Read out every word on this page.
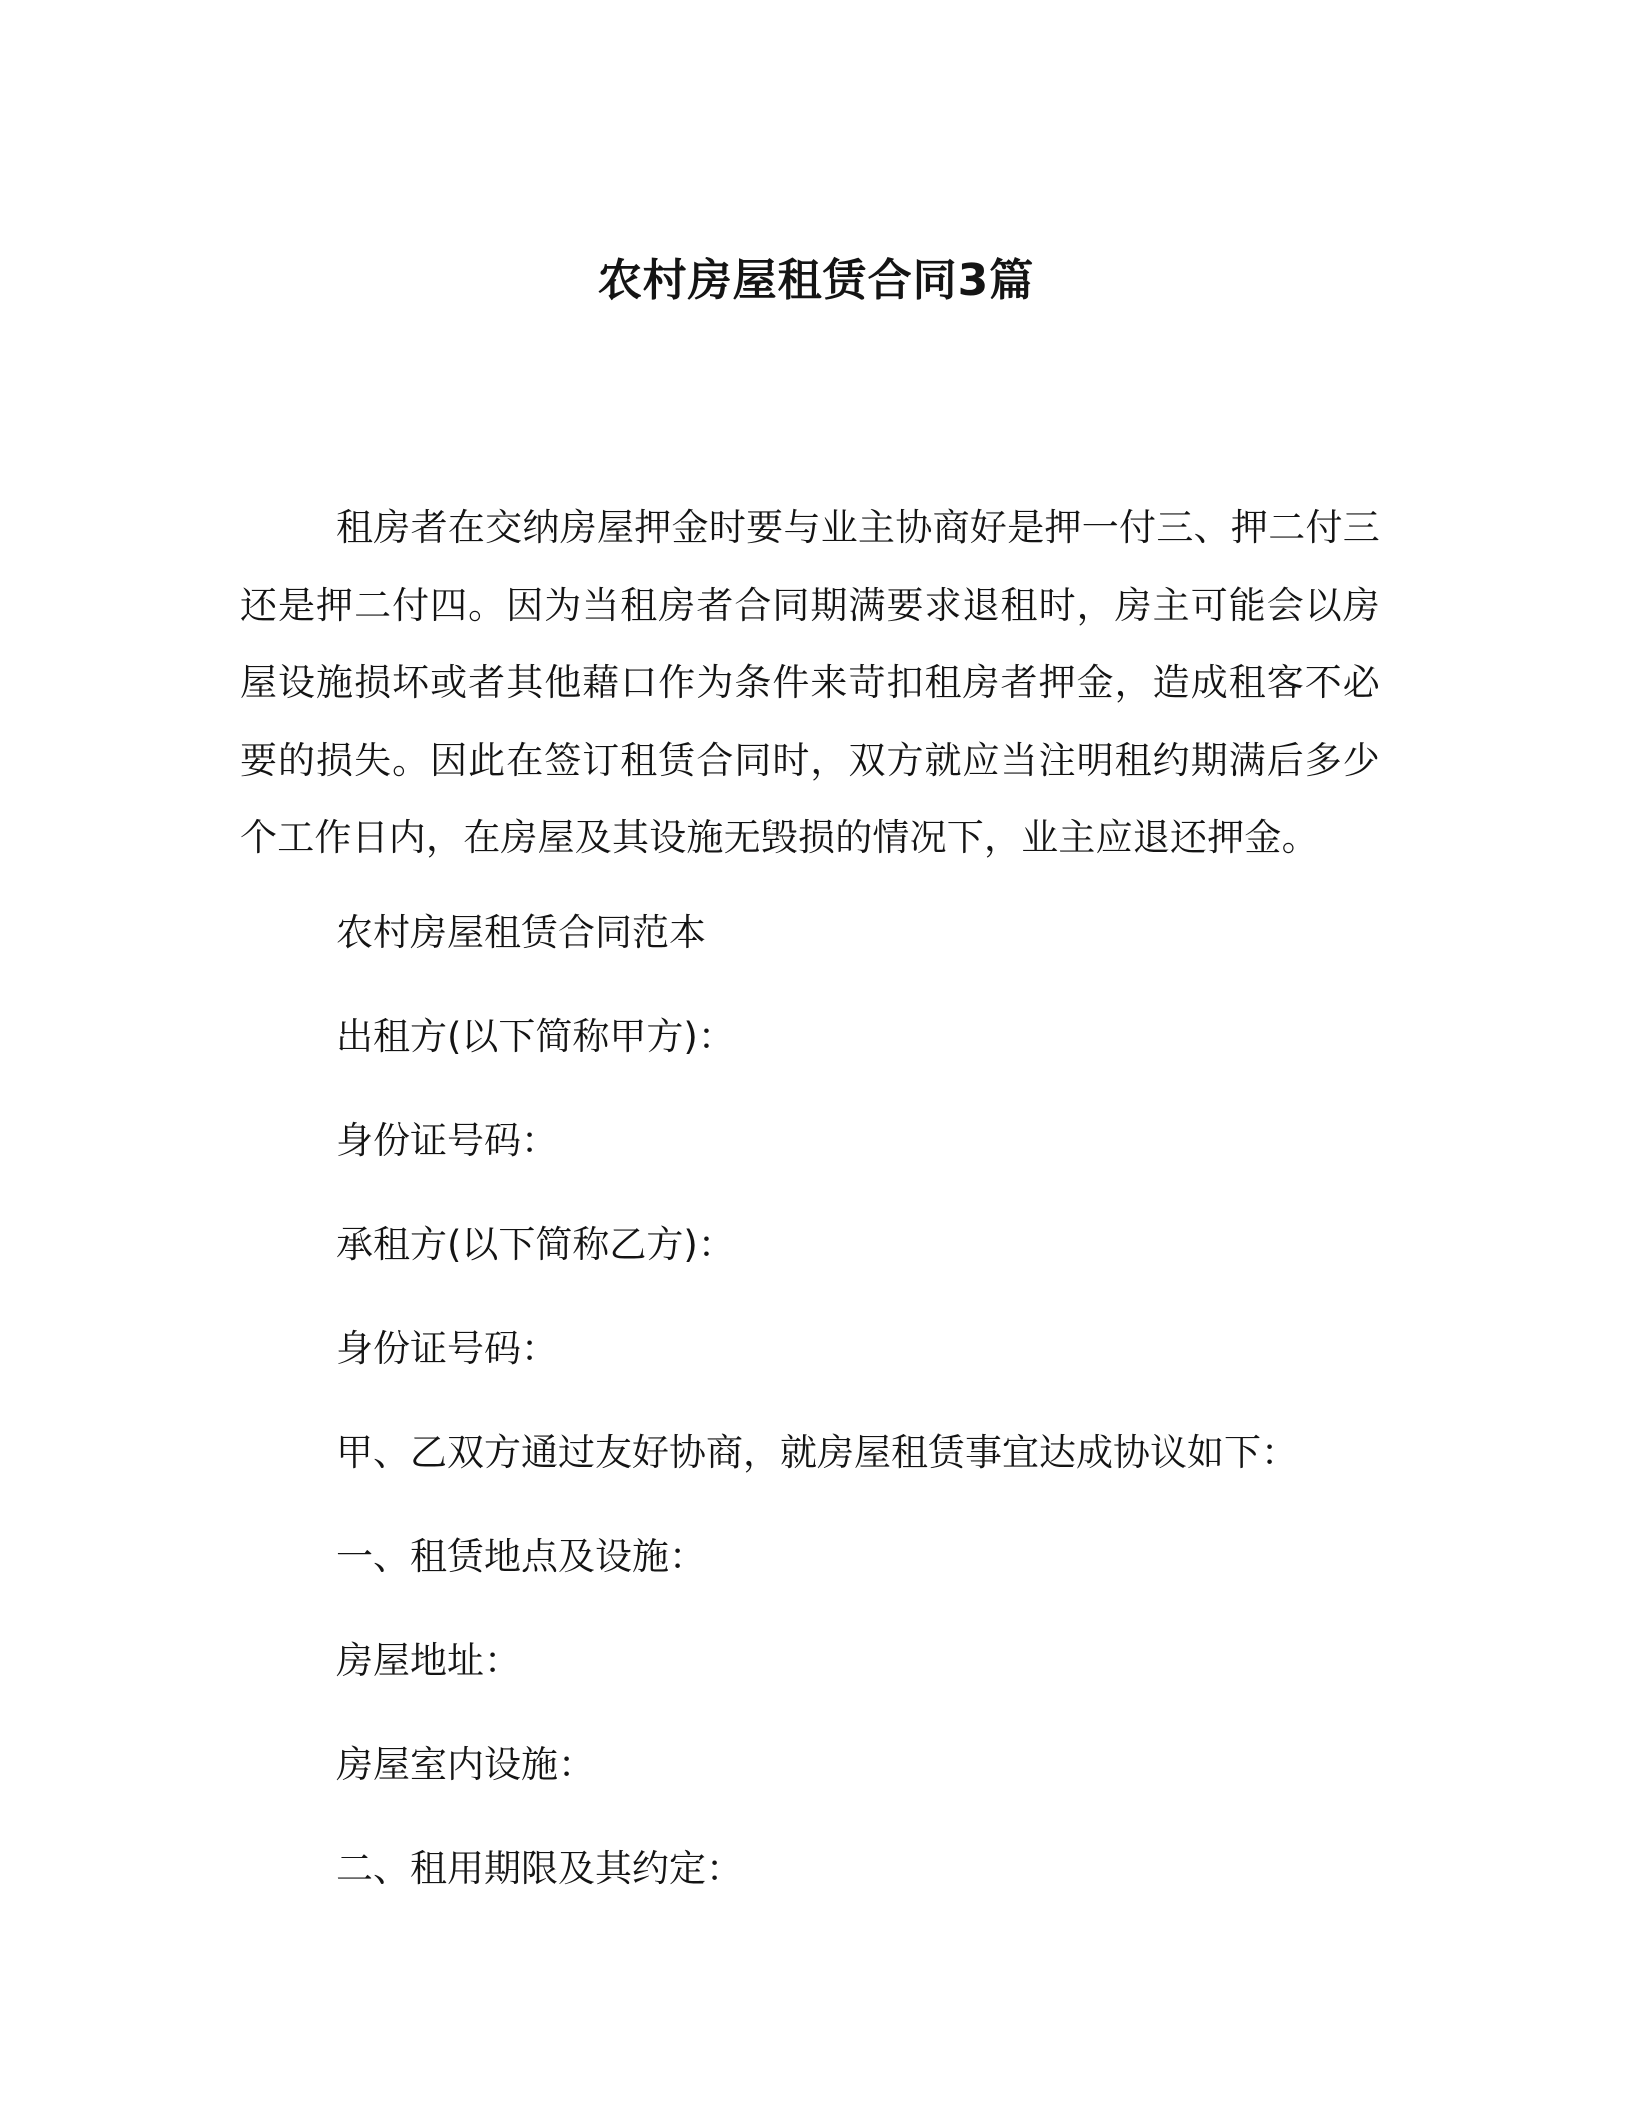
农村房屋租赁合同3篇

租房者在交纳房屋押金时要与业主协商好是押一付三、押二付三还是押二付四。因为当租房者合同期满要求退租时，房主可能会以房屋设施损坏或者其他藉口作为条件来苛扣租房者押金，造成租客不必要的损失。因此在签订租赁合同时，双方就应当注明租约期满后多少个工作日内，在房屋及其设施无毁损的情况下，业主应退还押金。

农村房屋租赁合同范本

出租方(以下简称甲方)：

身份证号码：

承租方(以下简称乙方)：

身份证号码：

甲、乙双方通过友好协商，就房屋租赁事宜达成协议如下：

一、租赁地点及设施：

房屋地址：

房屋室内设施：

二、租用期限及其约定：
